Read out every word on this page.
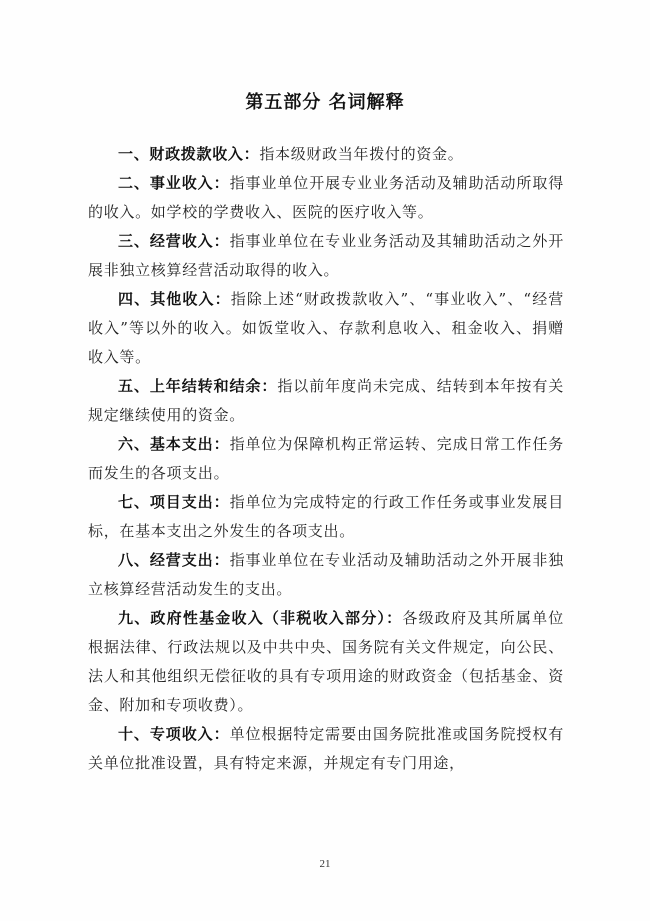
第五部分 名词解释

一、财政拨款收入：指本级财政当年拨付的资金。

二、事业收入：指事业单位开展专业业务活动及辅助活动所取得的收入。如学校的学费收入、医院的医疗收入等。

三、经营收入：指事业单位在专业业务活动及其辅助活动之外开展非独立核算经营活动取得的收入。

四、其他收入：指除上述“财政拨款收入”、“事业收入”、“经营收入”等以外的收入。如饭堂收入、存款利息收入、租金收入、捐赠收入等。

五、上年结转和结余：指以前年度尚未完成、结转到本年按有关规定继续使用的资金。

六、基本支出：指单位为保障机构正常运转、完成日常工作任务而发生的各项支出。

七、项目支出：指单位为完成特定的行政工作任务或事业发展目标，在基本支出之外发生的各项支出。

八、经营支出：指事业单位在专业活动及辅助活动之外开展非独立核算经营活动发生的支出。

九、政府性基金收入（非税收入部分）：各级政府及其所属单位根据法律、行政法规以及中共中央、国务院有关文件规定，向公民、法人和其他组织无偿征收的具有专项用途的财政资金（包括基金、资金、附加和专项收费）。

十、专项收入：单位根据特定需要由国务院批准或国务院授权有关单位批准设置，具有特定来源，并规定有专门用途，

21
